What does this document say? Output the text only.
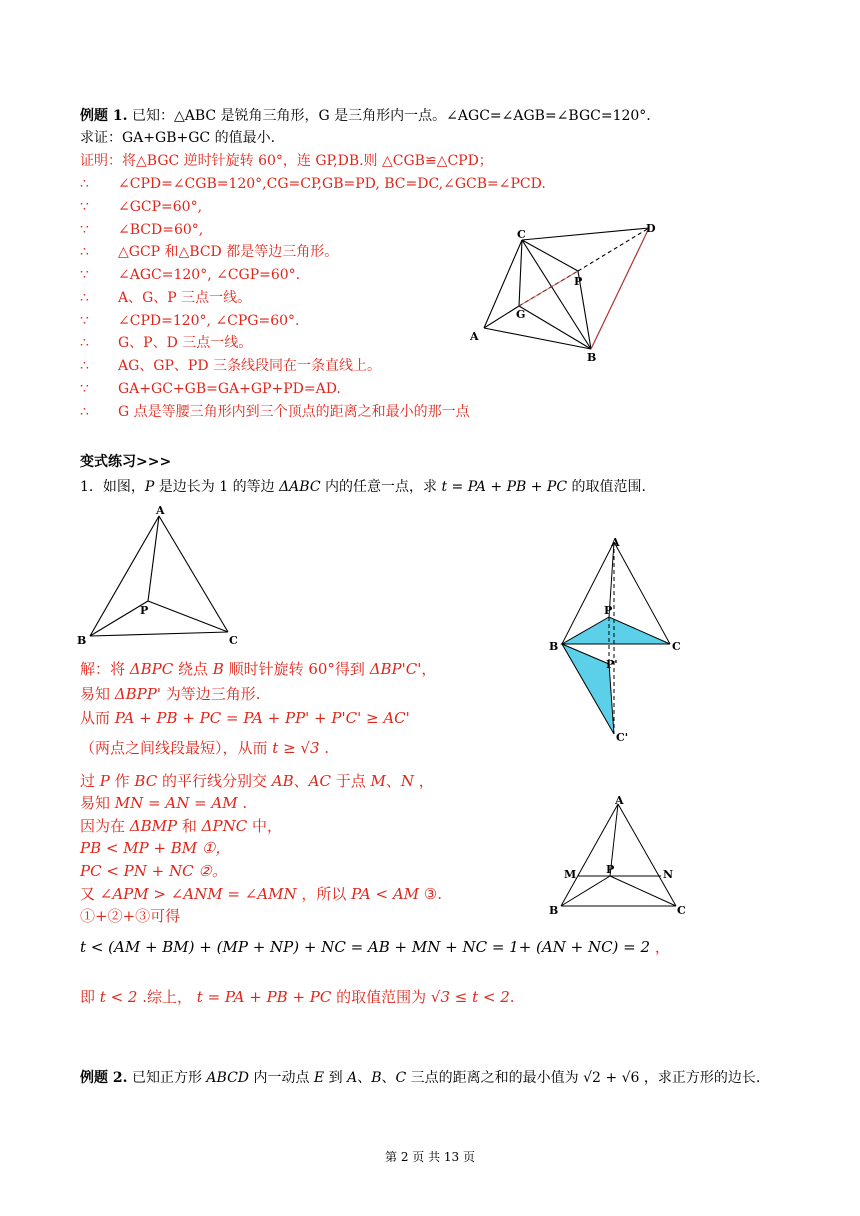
例题 1. 已知：△ABC 是锐角三角形，G 是三角形内一点。∠AGC=∠AGB=∠BGC=120°.
求证：GA+GB+GC 的值最小.
证明：将△BGC 逆时针旋转 60°，连 GP,DB.则 △CGB≌△CPD；
∴ ∠CPD=∠CGB=120°,CG=CP,GB=PD, BC=DC,∠GCB=∠PCD.
∵ ∠GCP=60°,
∵ ∠BCD=60°,
∴ △GCP 和△BCD 都是等边三角形。
∵ ∠AGC=120°, ∠CGP=60°.
∴ A、G、P 三点一线。
∵ ∠CPD=120°, ∠CPG=60°.
∴ G、P、D 三点一线。
∴ AG、GP、PD 三条线段同在一条直线上。
∵ GA+GC+GB=GA+GP+PD=AD.
∴ G 点是等腰三角形内到三个顶点的距离之和最小的那一点
C	D
P
G
A
B
变式练习>>>
1．如图，P 是边长为 1 的等边 ΔABC 内的任意一点，求 t = PA + PB + PC 的取值范围.
A
P
B	C
A
P
B	C
P'
C'
解：将 ΔBPC 绕点 B 顺时针旋转 60°得到 ΔBP'C'，
易知 ΔBPP' 为等边三角形.
从而 PA + PB + PC = PA + PP' + P'C' ≥ AC'
（两点之间线段最短），从而 t ≥ √3 .
过 P 作 BC 的平行线分别交 AB、AC 于点 M、N ，
易知 MN = AN = AM .
因为在 ΔBMP 和 ΔPNC 中，
PB < MP + BM ①，
PC < PN + NC ②。
又 ∠APM > ∠ANM = ∠AMN ，所以 PA < AM ③.
①+②+③可得
t < (AM + BM) + (MP + NP) + NC = AB + MN + NC = 1+ (AN + NC) = 2 ，
即 t < 2 .综上， t = PA + PB + PC 的取值范围为 √3 ≤ t < 2.
A
M	P	N
B	C
例题 2. 已知正方形 ABCD 内一动点 E 到 A、B、C 三点的距离之和的最小值为 √2 + √6 ，求正方形的边长.
第 2 页 共 13 页
